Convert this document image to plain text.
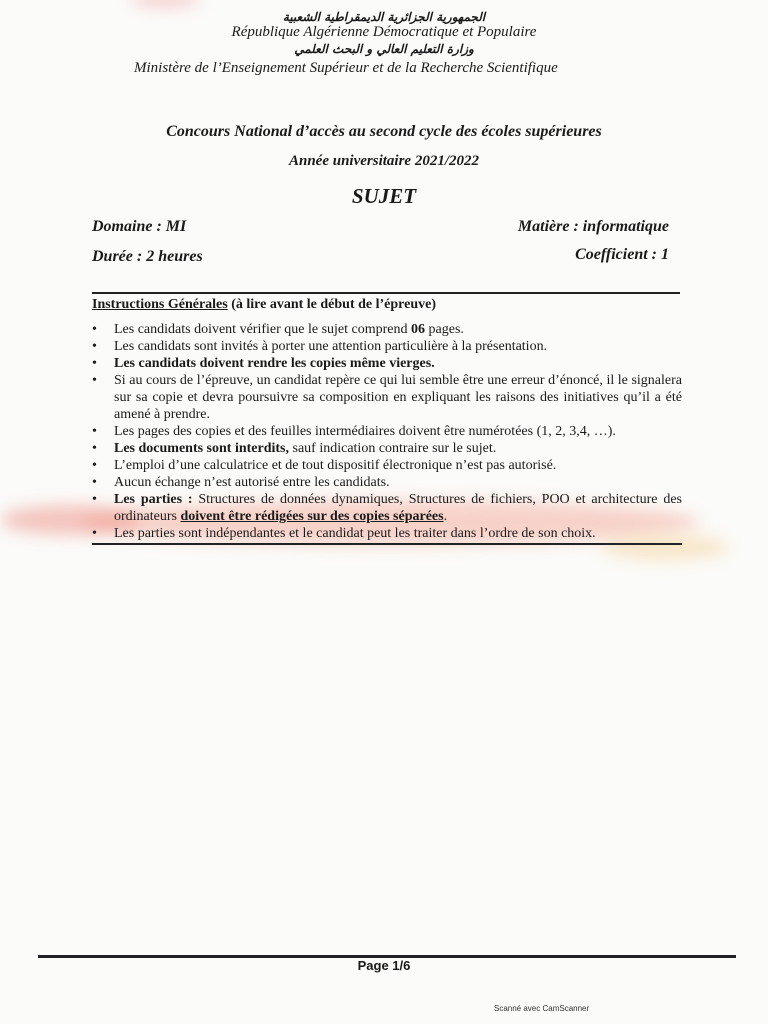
الجمهورية الجزائرية الديمقراطية الشعبية
République Algérienne Démocratique et Populaire
وزارة التعليم العالي و البحث العلمي
Ministère de l’Enseignement Supérieur et de la Recherche Scientifique
Concours National d’accès au second cycle des écoles supérieures
Année universitaire 2021/2022
SUJET
Domaine : MI
Durée : 2 heures
Matière : informatique
Coefficient : 1
Instructions Générales (à lire avant le début de l’épreuve)
• Les candidats doivent vérifier que le sujet comprend 06 pages.
• Les candidats sont invités à porter une attention particulière à la présentation.
• Les candidats doivent rendre les copies même vierges.
• Si au cours de l’épreuve, un candidat repère ce qui lui semble être une erreur d’énoncé, il le signalera sur sa copie et devra poursuivre sa composition en expliquant les raisons des initiatives qu’il a été amené à prendre.
• Les pages des copies et des feuilles intermédiaires doivent être numérotées (1, 2, 3,4, …).
• Les documents sont interdits, sauf indication contraire sur le sujet.
• L’emploi d’une calculatrice et de tout dispositif électronique n’est pas autorisé.
• Aucun échange n’est autorisé entre les candidats.
• Les parties : Structures de données dynamiques, Structures de fichiers, POO et architecture des ordinateurs doivent être rédigées sur des copies séparées.
• Les parties sont indépendantes et le candidat peut les traiter dans l’ordre de son choix.
Page 1/6
Scanné avec CamScanner
